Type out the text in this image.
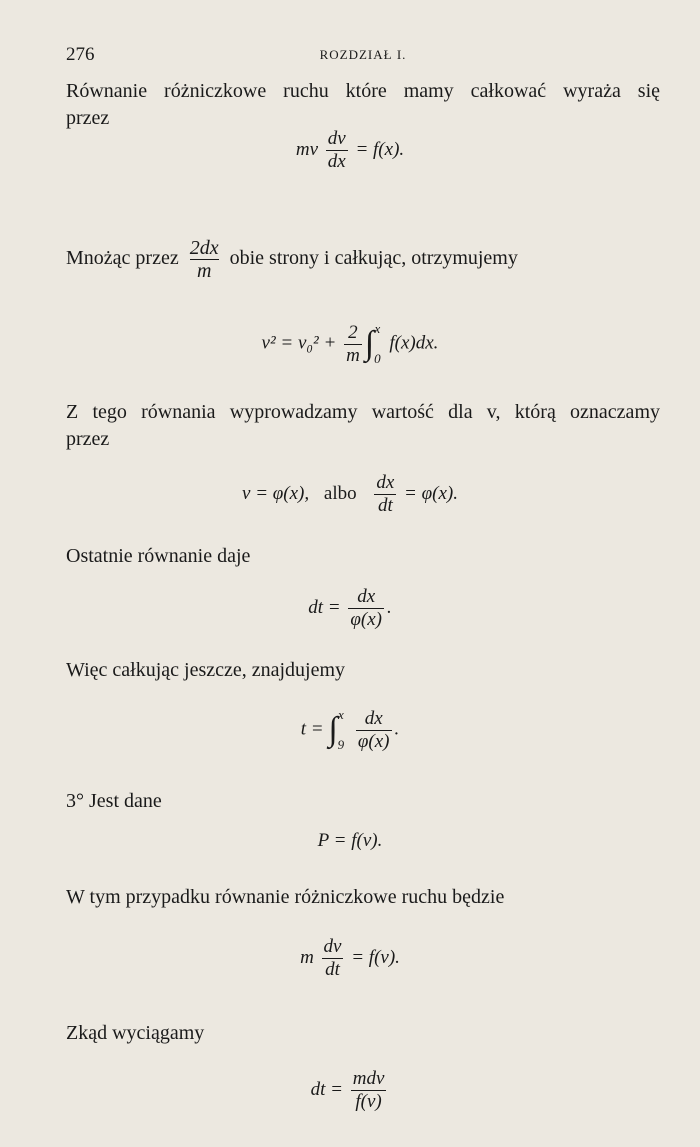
276	ROZDZIAŁ I.
Równanie różniczkowe ruchu które mamy całkować wyraża się
przez
mv $\frac{dv}{dx} = f(x)$.
Mnożąc przez $\frac{2dx}{m}$ obie strony i całkując, otrzymujemy
$v^2 = v_0^2 + \frac{2}{m}$ ∫ x
0
f(x)dx.
Z tego równania wyprowadzamy wartość dla v, którą oznaczamy
przez
v = φ(x), albo $\frac{dx}{dt} = \varphi(x)$.
Ostatnie równanie daje
dt = $\frac{dx}{\varphi(x)}$ .
Więc całkując jeszcze, znajdujemy
t = ∫ x
9
$\frac{dx}{\varphi(x)}$ .
3° Jest dane
P = f(v).
W tym przypadku równanie różniczkowe ruchu będzie
m $\frac{dv}{dt} = f(v)$.
Zkąd wyciągamy
dt = $\frac{\text{mdv}}{f(v)}$
